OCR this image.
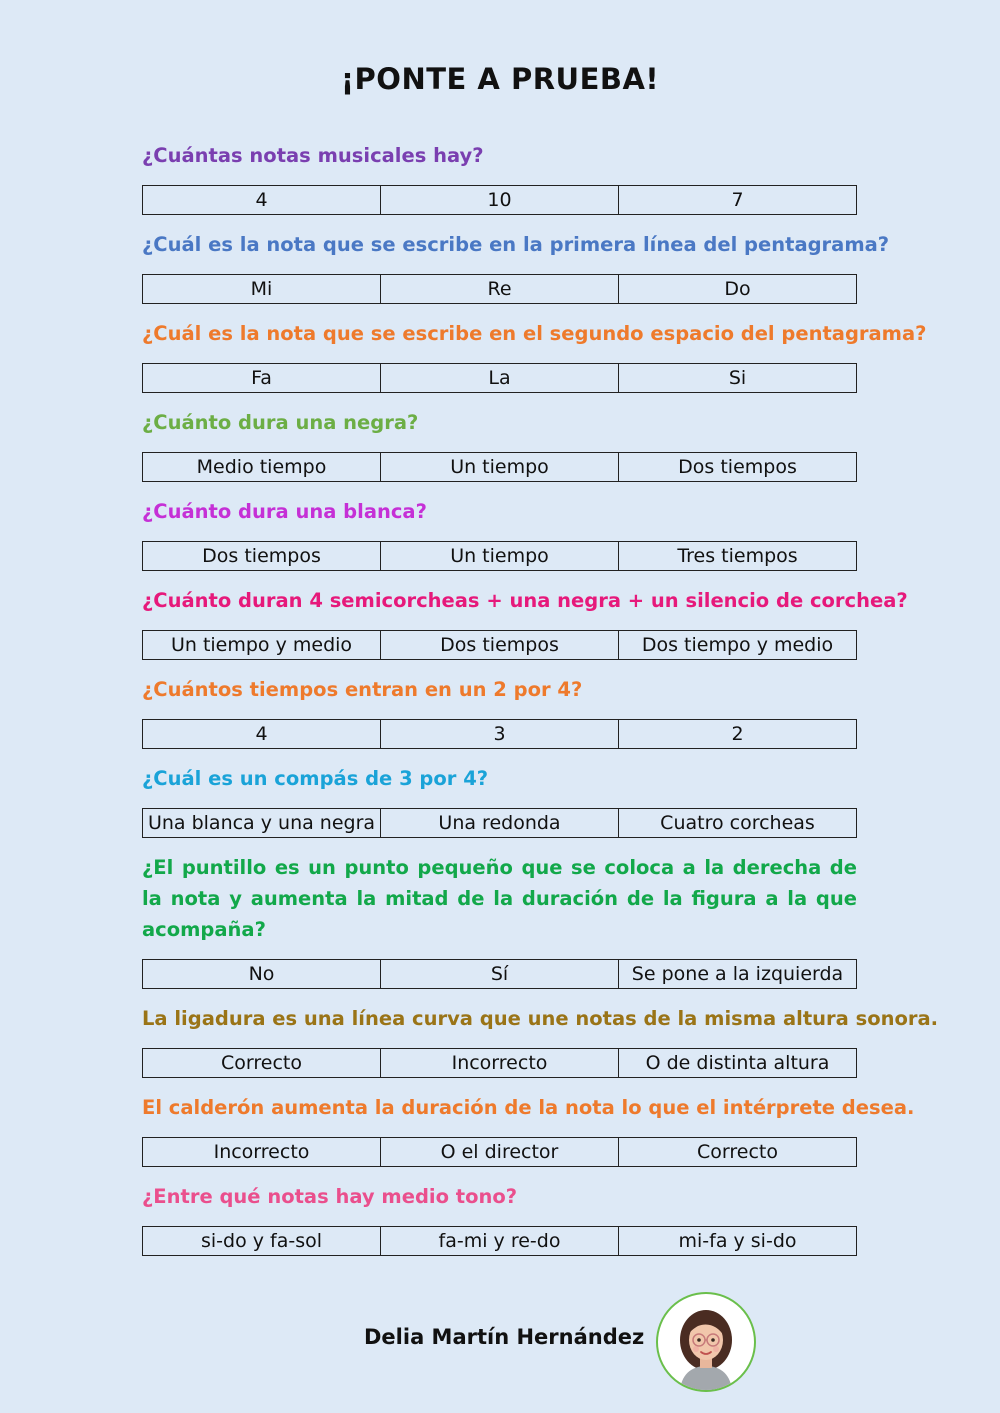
¡PONTE A PRUEBA!
¿Cuántas notas musicales hay?
4	10	7
¿Cuál es la nota que se escribe en la primera línea del pentagrama?
Mi	Re	Do
¿Cuál es la nota que se escribe en el segundo espacio del pentagrama?
Fa	La	Si
¿Cuánto dura una negra?
Medio tiempo	Un tiempo	Dos tiempos
¿Cuánto dura una blanca?
Dos tiempos	Un tiempo	Tres tiempos
¿Cuánto duran 4 semicorcheas + una negra + un silencio de corchea?
Un tiempo y medio	Dos tiempos	Dos tiempo y medio
¿Cuántos tiempos entran en un 2 por 4?
4	3	2
¿Cuál es un compás de 3 por 4?
Una blanca y una negra	Una redonda	Cuatro corcheas
¿El puntillo es un punto pequeño que se coloca a la derecha de la nota y aumenta la mitad de la duración de la figura a la que acompaña?
No	Sí	Se pone a la izquierda
La ligadura es una línea curva que une notas de la misma altura sonora.
Correcto	Incorrecto	O de distinta altura
El calderón aumenta la duración de la nota lo que el intérprete desea.
Incorrecto	O el director	Correcto
¿Entre qué notas hay medio tono?
si-do y fa-sol	fa-mi y re-do	mi-fa y si-do
Delia Martín Hernández
